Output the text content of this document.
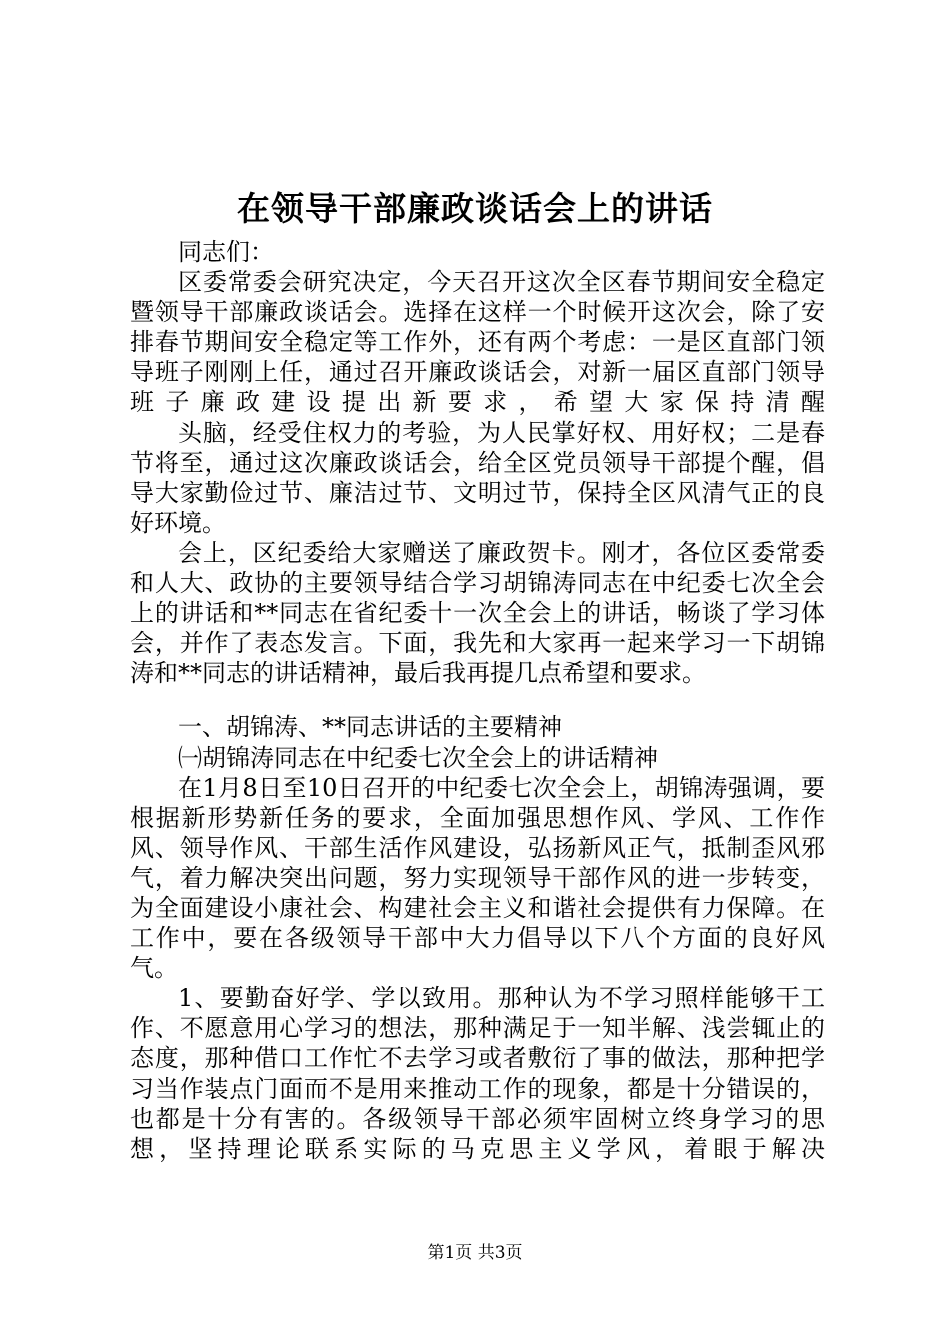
在领导干部廉政谈话会上的讲话

同志们：

区委常委会研究决定，今天召开这次全区春节期间安全稳定暨领导干部廉政谈话会。选择在这样一个时候开这次会，除了安排春节期间安全稳定等工作外，还有两个考虑：一是区直部门领导班子刚刚上任，通过召开廉政谈话会，对新一届区直部门领导班子廉政建设提出新要求，希望大家保持清醒

头脑，经受住权力的考验，为人民掌好权、用好权；二是春节将至，通过这次廉政谈话会，给全区党员领导干部提个醒，倡导大家勤俭过节、廉洁过节、文明过节，保持全区风清气正的良好环境。

会上，区纪委给大家赠送了廉政贺卡。刚才，各位区委常委和人大、政协的主要领导结合学习胡锦涛同志在中纪委七次全会上的讲话和**同志在省纪委十一次全会上的讲话，畅谈了学习体会，并作了表态发言。下面，我先和大家再一起来学习一下胡锦涛和**同志的讲话精神，最后我再提几点希望和要求。

一、胡锦涛、**同志讲话的主要精神

㈠胡锦涛同志在中纪委七次全会上的讲话精神

在1月8日至10日召开的中纪委七次全会上，胡锦涛强调，要根据新形势新任务的要求，全面加强思想作风、学风、工作作风、领导作风、干部生活作风建设，弘扬新风正气，抵制歪风邪气，着力解决突出问题，努力实现领导干部作风的进一步转变，为全面建设小康社会、构建社会主义和谐社会提供有力保障。在工作中，要在各级领导干部中大力倡导以下八个方面的良好风气。

1、要勤奋好学、学以致用。那种认为不学习照样能够干工作、不愿意用心学习的想法，那种满足于一知半解、浅尝辄止的态度，那种借口工作忙不去学习或者敷衍了事的做法，那种把学习当作装点门面而不是用来推动工作的现象，都是十分错误的，也都是十分有害的。各级领导干部必须牢固树立终身学习的思想，坚持理论联系实际的马克思主义学风，着眼于解决

第1页 共3页
